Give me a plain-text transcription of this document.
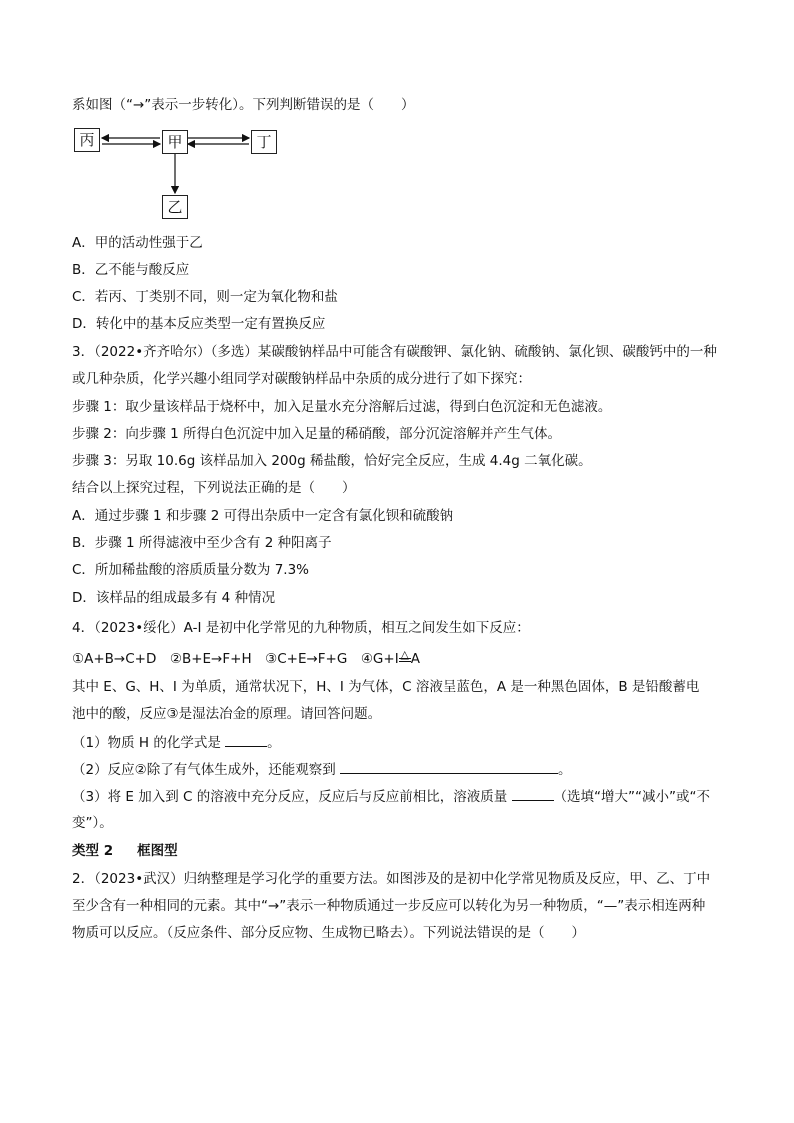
系如图（“→”表示一步转化）。下列判断错误的是（　　）
丙	甲	丁
乙
A．甲的活动性强于乙
B．乙不能与酸反应
C．若丙、丁类别不同，则一定为氧化物和盐
D．转化中的基本反应类型一定有置换反应
3．（2022•齐齐哈尔）（多选）某碳酸钠样品中可能含有碳酸钾、氯化钠、硫酸钠、氯化钡、碳酸钙中的一种
或几种杂质，化学兴趣小组同学对碳酸钠样品中杂质的成分进行了如下探究：
步骤 1：取少量该样品于烧杯中，加入足量水充分溶解后过滤，得到白色沉淀和无色滤液。
步骤 2：向步骤 1 所得白色沉淀中加入足量的稀硝酸，部分沉淀溶解并产生气体。
步骤 3：另取 10.6g 该样品加入 200g 稀盐酸，恰好完全反应，生成 4.4g 二氧化碳。
结合以上探究过程，下列说法正确的是（　　）
A．通过步骤 1 和步骤 2 可得出杂质中一定含有氯化钡和硫酸钠
B．步骤 1 所得滤液中至少含有 2 种阳离子
C．所加稀盐酸的溶质质量分数为 7.3%
D．该样品的组成最多有 4 种情况
4．（2023•绥化）A-I 是初中化学常见的九种物质，相互之间发生如下反应：
①A+B→C+D　②B+E→F+H　③C+E→F+G　④G+I △ A
其中 E、G、H、I 为单质，通常状况下，H、I 为气体，C 溶液呈蓝色，A 是一种黑色固体，B 是铅酸蓄电
池中的酸，反应③是湿法冶金的原理。请回答问题。
（1）物质 H 的化学式是	。
（2）反应②除了有气体生成外，还能观察到	。
（3）将 E 加入到 C 的溶液中充分反应，反应后与反应前相比，溶液质量	（选填“增大”“减小”或“不
变”）。
类型 2 框图型
2．（2023•武汉）归纳整理是学习化学的重要方法。如图涉及的是初中化学常见物质及反应，甲、乙、丁中
至少含有一种相同的元素。其中“→”表示一种物质通过一步反应可以转化为另一种物质，“—”表示相连两种
物质可以反应。（反应条件、部分反应物、生成物已略去）。下列说法错误的是（　　）
